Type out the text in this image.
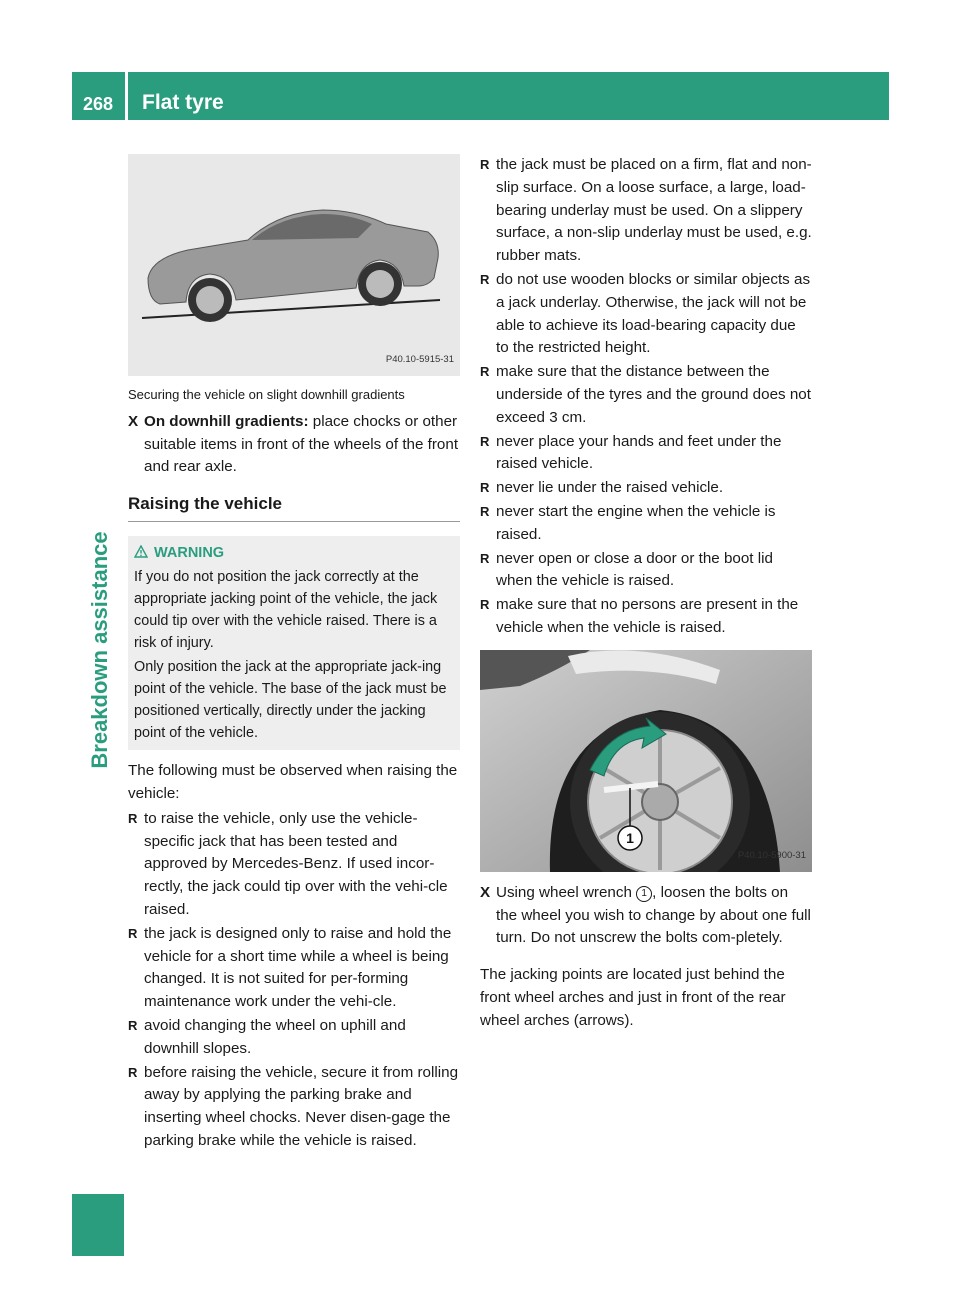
268	Flat tyre
Breakdown assistance
P40.10-5915-31
Securing the vehicle on slight downhill gradients
X On downhill gradients: place chocks or other suitable items in front of the wheels of the front and rear axle.
Raising the vehicle
WARNING

If you do not position the jack correctly at the appropriate jacking point of the vehicle, the jack could tip over with the vehicle raised. There is a risk of injury.

Only position the jack at the appropriate jack-ing point of the vehicle. The base of the jack must be positioned vertically, directly under the jacking point of the vehicle.

The following must be observed when raising the vehicle:

R to raise the vehicle, only use the vehicle-specific jack that has been tested and approved by Mercedes-Benz. If used incor-rectly, the jack could tip over with the vehi-cle raised.
R the jack is designed only to raise and hold the vehicle for a short time while a wheel is being changed. It is not suited for per-forming maintenance work under the vehi-cle.
R avoid changing the wheel on uphill and downhill slopes.
R before raising the vehicle, secure it from rolling away by applying the parking brake and inserting wheel chocks. Never disen-gage the parking brake while the vehicle is raised.
R the jack must be placed on a firm, flat and non-slip surface. On a loose surface, a large, load-bearing underlay must be used. On a slippery surface, a non-slip underlay must be used, e.g. rubber mats.
R do not use wooden blocks or similar objects as a jack underlay. Otherwise, the jack will not be able to achieve its load-bearing capacity due to the restricted height.
R make sure that the distance between the underside of the tyres and the ground does not exceed 3 cm.
R never place your hands and feet under the raised vehicle.
R never lie under the raised vehicle.
R never start the engine when the vehicle is raised.
R never open or close a door or the boot lid when the vehicle is raised.
R make sure that no persons are present in the vehicle when the vehicle is raised.
1
P40.10-5900-31
X Using wheel wrench 1 , loosen the bolts on the wheel you wish to change by about one full turn. Do not unscrew the bolts com-pletely.

The jacking points are located just behind the front wheel arches and just in front of the rear wheel arches (arrows).
